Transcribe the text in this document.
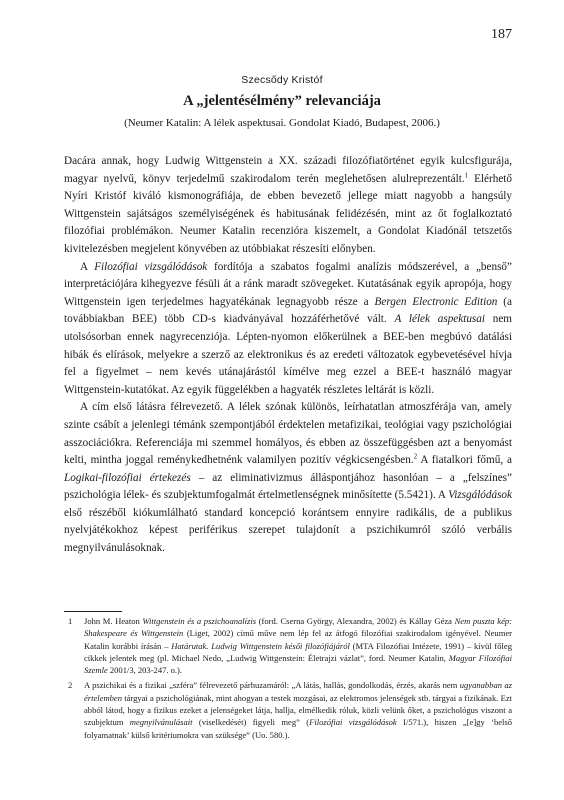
187
Szecsődy Kristóf
A „jelentésélmény” relevanciája
(Neumer Katalin: A lélek aspektusai. Gondolat Kiadó, Budapest, 2006.)

Dacára annak, hogy Ludwig Wittgenstein a XX. századi filozófiatörténet egyik kulcsfigurája, magyar nyelvű, könyv terjedelmű szakirodalom terén meglehetősen alulreprezentált.$^1$ Elérhető Nyíri Kristóf kiváló kismonográfiája, de ebben bevezető jellege miatt nagyobb a hangsúly Wittgenstein sajátságos személyiségének és habitusának felidézésén, mint az őt foglalkoztató filozófiai problémákon. Neumer Katalin recenzióra kiszemelt, a Gondolat Kiadónál tetszetős kivitelezésben megjelent könyvében az utóbbiakat részesíti előnyben.

A Filozófiai vizsgálódások fordítója a szabatos fogalmi analízis módszerével, a „benső” interpretációjára kihegyezve fésüli át a ránk maradt szövegeket. Kutatásának egyik apropója, hogy Wittgenstein igen terjedelmes hagyatékának legnagyobb része a Bergen Electronic Edition (a továbbiakban BEE) több CD-s kiadványával hozzáférhetővé vált. A lélek aspektusai nem utolsósorban ennek nagyrecenziója. Lépten-nyomon előkerülnek a BEE-ben megbúvó datálási hibák és elírások, melyekre a szerző az elektronikus és az eredeti változatok egybevetésével hívja fel a figyelmet – nem kevés utánajárástól kímélve meg ezzel a BEE-t használó magyar Wittgenstein-kutatókat. Az egyik függelékben a hagyaték részletes leltárát is közli.

A cím első látásra félrevezető. A lélek szónak különös, leírhatatlan atmoszférája van, amely szinte csábít a jelenlegi témánk szempontjából érdektelen metafizikai, teológiai vagy pszichológiai asszociációkra. Referenciája mi szemmel homályos, és ebben az összefüggésben azt a benyomást kelti, mintha joggal reménykedhetnénk valamilyen pozitív végkicsengésben.$^2$ A fiatalkori főmű, a Logikai-filozófiai értekezés – az eliminativizmus álláspontjához hasonlóan – a „felszínes” pszichológia lélek- és szubjektumfogalmát értelmetlenségnek minősítette (5.5421). A Vizsgálódások első részéből kiókumlálható standard koncepció korántsem ennyire radikális, de a publikus nyelvjátékokhoz képest periférikus szerepet tulajdonít a pszichikumról szóló verbális megnyilvánulásoknak.

1	John M. Heaton Wittgenstein és a pszichoanalízis (ford. Cserna György, Alexandra, 2002) és Kállay Géza Nem puszta kép: Shakespeare és Wittgenstein (Liget, 2002) című műve nem lép fel az átfogó filozófiai szakirodalom igényével. Neumer Katalin korábbi írásán – Határutak. Ludwig Wittgenstein késői filozófiájáról (MTA Filozófiai Intézete, 1991) – kívül főleg cikkek jelentek meg (pl. Michael Nedo, „Ludwig Wittgenstein: Életrajzi vázlat”, ford. Neumer Katalin, Magyar Filozófiai Szemle 2001/3, 203-247. o.).
2	A pszichikai és a fizikai „szféra” félrevezető párhuzamáról: „A látás, hallás, gondolkodás, érzés, akarás nem ugyanabban az értelemben tárgyai a pszichológiának, mint ahogyan a testek mozgásai, az elektromos jelenségek stb. tárgyai a fizikának. Ezt abból látod, hogy a fizikus ezeket a jelenségeket látja, hallja, elmélkedik róluk, közli velünk őket, a pszichológus viszont a szubjektum megnyilvánulásait (viselkedését) figyeli meg” (Filozófiai vizsgálódások I/571.), hiszen „[e]gy ‘belső folyamatnak’ külső kritériumokra van szüksége” (Uo. 580.).
